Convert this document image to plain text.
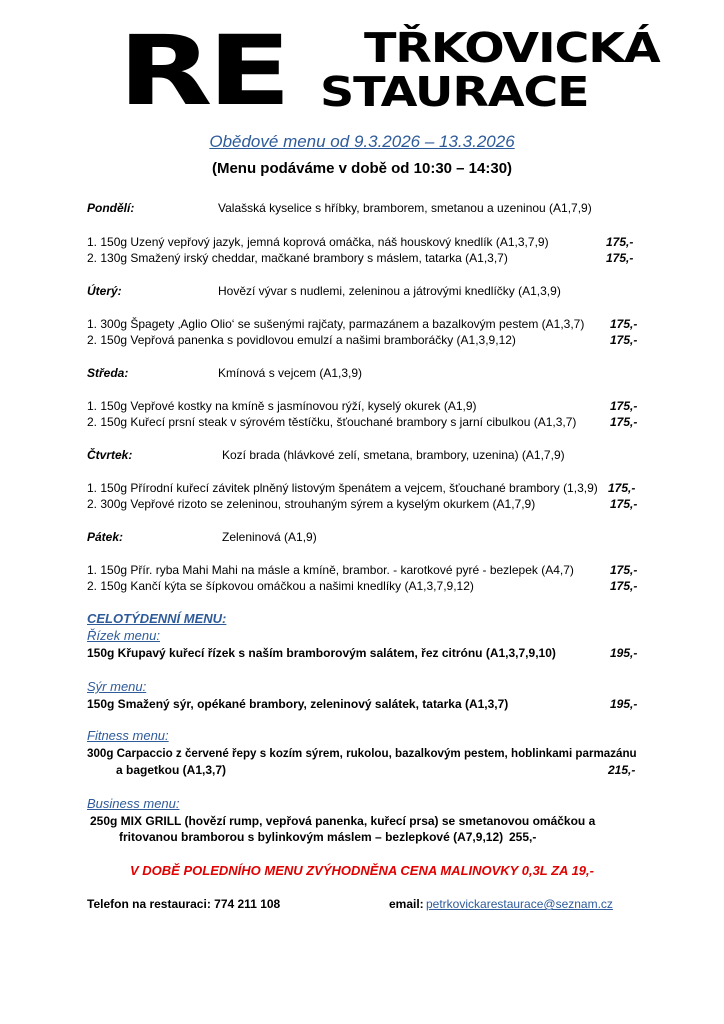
RE	TŘKOVICKÁ
STAURACE
Obědové menu od 9.3.2026 – 13.3.2026
(Menu podáváme v době od 10:30 – 14:30)
Pondělí:	Valašská kyselice s hříbky, bramborem, smetanou a uzeninou (A1,7,9)
1. 150g Uzený vepřový jazyk, jemná koprová omáčka, náš houskový knedlík (A1,3,7,9)	175,-
2. 130g Smažený irský cheddar, mačkané brambory s máslem, tatarka (A1,3,7)	175,-
Úterý:	Hovězí vývar s nudlemi, zeleninou a játrovými knedlíčky (A1,3,9)
1. 300g Špagety ‚Aglio Olio‘ se sušenými rajčaty, parmazánem a bazalkovým pestem (A1,3,7) 175,-
2. 150g Vepřová panenka s povidlovou emulzí a našimi bramboráčky (A1,3,9,12)	175,-
Středa:	Kmínová s vejcem (A1,3,9)
1. 150g Vepřové kostky na kmíně s jasmínovou rýží, kyselý okurek (A1,9)	175,-
2. 150g Kuřecí prsní steak v sýrovém těstíčku, šťouchané brambory s jarní cibulkou (A1,3,7)	175,-
Čtvrtek:	Kozí brada (hlávkové zelí, smetana, brambory, uzenina) (A1,7,9)
1. 150g Přírodní kuřecí závitek plněný listovým špenátem a vejcem, šťouchané brambory (1,3,9) 175,-
2. 300g Vepřové rizoto se zeleninou, strouhaným sýrem a kyselým okurkem (A1,7,9)	175,-
Pátek:	Zeleninová (A1,9)
1. 150g Přír. ryba Mahi Mahi na másle a kmíně, brambor. - karotkové pyré - bezlepek (A4,7)	175,-
2. 150g Kančí kýta se šípkovou omáčkou a našimi knedlíky (A1,3,7,9,12)	175,-
CELOTÝDENNÍ MENU:
Řízek menu:
150g Křupavý kuřecí řízek s naším bramborovým salátem, řez citrónu (A1,3,7,9,10)	195,-
Sýr menu:
150g Smažený sýr, opékané brambory, zeleninový salátek, tatarka (A1,3,7)	195,-
Fitness menu:
300g Carpaccio z červené řepy s kozím sýrem, rukolou, bazalkovým pestem, hoblinkami parmazánu
a bagetkou (A1,3,7)	215,-
Business menu:
250g MIX GRILL (hovězí rump, vepřová panenka, kuřecí prsa) se smetanovou omáčkou a
fritovanou bramborou s bylinkovým máslem – bezlepkové (A7,9,12) 255,-
V DOBĚ POLEDNÍHO MENU ZVÝHODNĚNA CENA MALINOVKY 0,3L ZA 19,-
Telefon na restauraci: 774 211 108	email: petrkovickarestaurace@seznam.cz
